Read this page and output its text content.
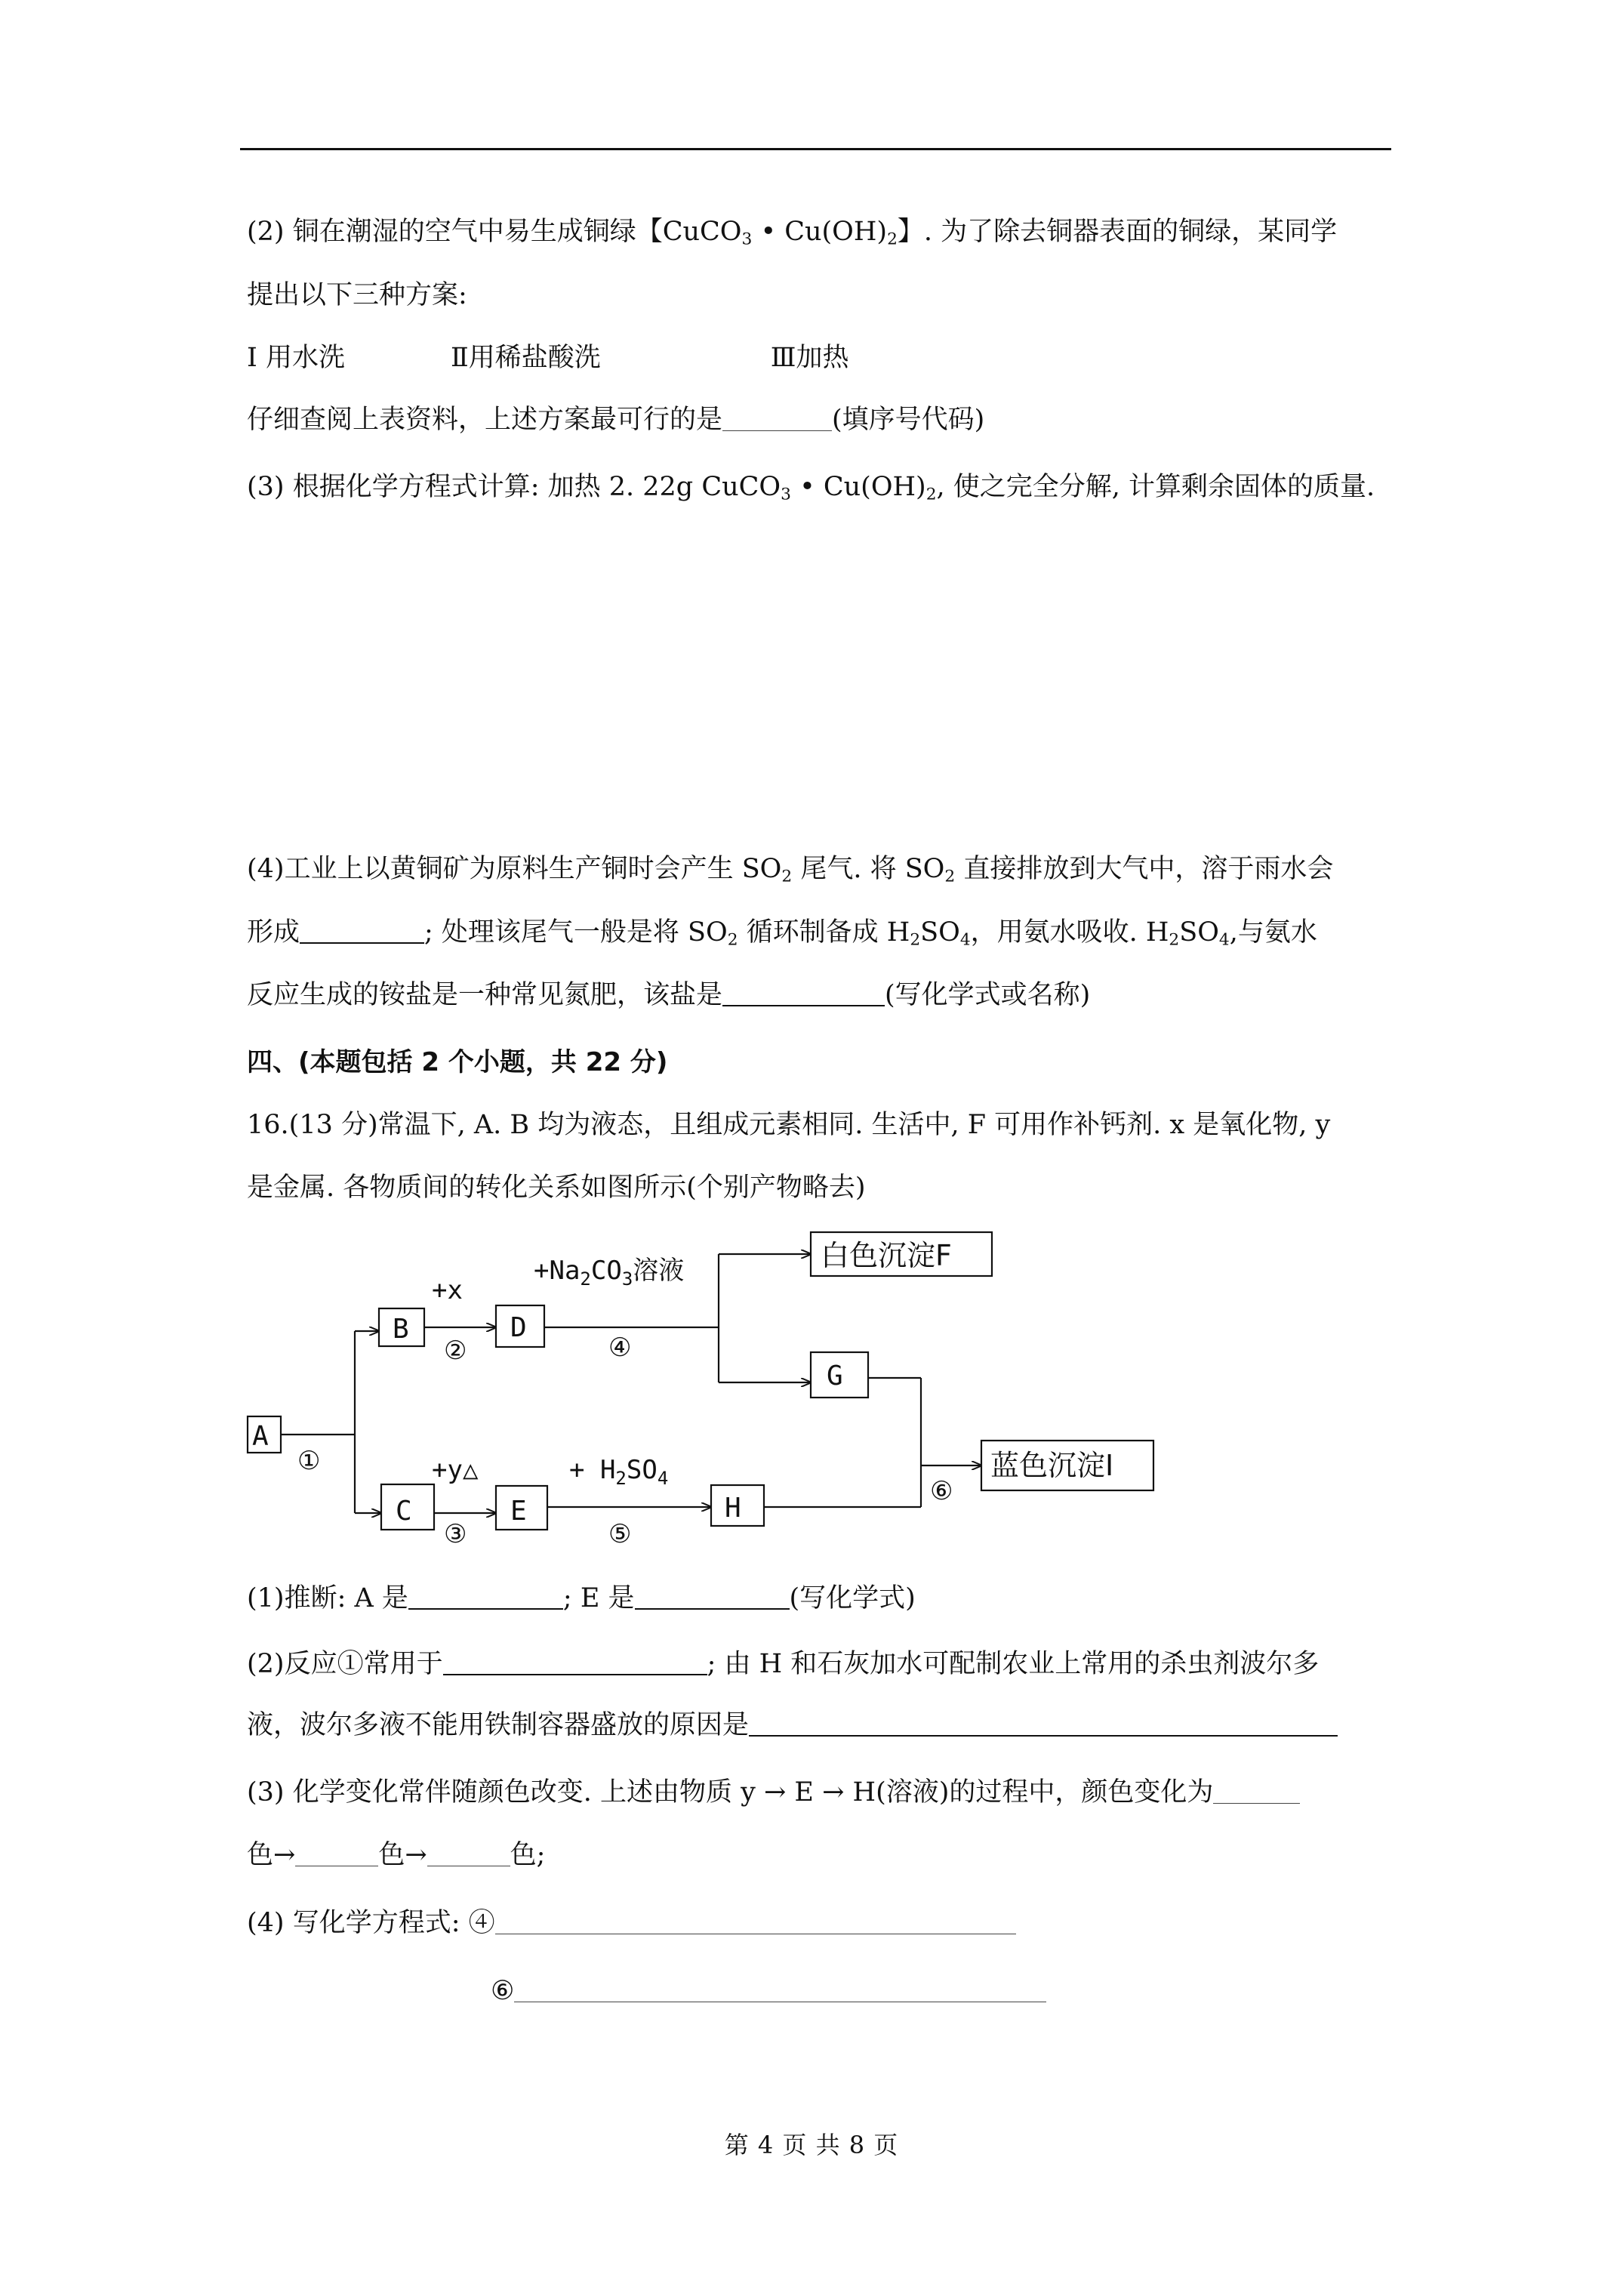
(2) 铜在潮湿的空气中易生成铜绿【CuCO$_3$ • $Cu(OH)_2$】. 为了除去铜器表面的铜绿，某同学
提出以下三种方案:
Ⅰ 用水洗	Ⅱ用稀盐酸洗	Ⅲ加热
仔细查阅上表资料，上述方案最可行的是	(填序号代码)
(3) 根据化学方程式计算: 加热 2. 22g CuCO$_3$ • $Cu(OH)_2$, 使之完全分解, 计算剩余固体的质量.
(4)工业上以黄铜矿为原料生产铜时会产生 $SO_2$ 尾气. 将 $SO_2$ 直接排放到大气中，溶于雨水会
形成	; 处理该尾气一般是将 $SO_2$ 循环制备成 $H_2SO_4$，用氨水吸收. $H_2SO_4$,与氨水
反应生成的铵盐是一种常见氮肥，该盐是	(写化学式或名称)
四、(本题包括 2 个小题，共 22 分)
16.(13 分)常温下, A. B 均为液态，且组成元素相同. 生活中, F 可用作补钙剂. x 是氧化物, y
是金属. 各物质间的转化关系如图所示(个别产物略去)
A
B	D
G
C	E	H
白色沉淀F
蓝色沉淀I
+x
+y△
$+Na_2CO_3$溶液
+ $H_2SO_4$
①
②
③
④
⑤
⑥
(1)推断: A 是	; E 是	(写化学式)
(2)反应①常用于	; 由 H 和石灰加水可配制农业上常用的杀虫剂波尔多
液，波尔多液不能用铁制容器盛放的原因是
(3) 化学变化常伴随颜色改变. 上述由物质 y → E → H(溶液)的过程中，颜色变化为
色→	色→	色;
(4) 写化学方程式: ④
⑥
第 4 页 共 8 页
